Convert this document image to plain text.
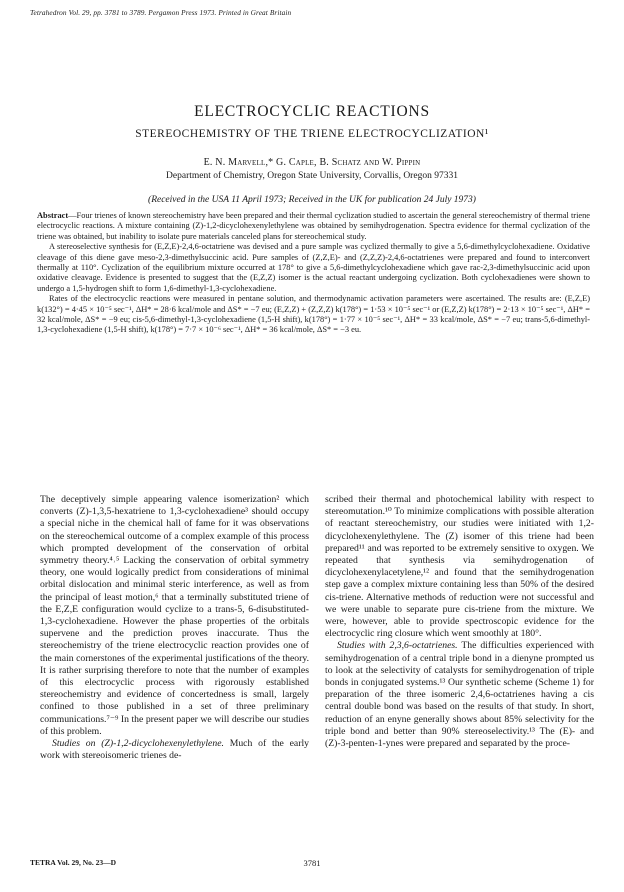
Tetrahedron Vol. 29, pp. 3781 to 3789. Pergamon Press 1973. Printed in Great Britain
ELECTROCYCLIC REACTIONS
STEREOCHEMISTRY OF THE TRIENE ELECTROCYCLIZATION¹
E. N. Marvell,* G. Caple, B. Schatz and W. Pippin
Department of Chemistry, Oregon State University, Corvallis, Oregon 97331
(Received in the USA 11 April 1973; Received in the UK for publication 24 July 1973)

Abstract—Four trienes of known stereochemistry have been prepared and their thermal cyclization studied to ascertain the general stereochemistry of thermal triene electrocyclic reactions. A mixture containing (Z)-1,2-dicyclohexenylethylene was obtained by semihydrogenation. Spectra evidence for thermal cyclization of the triene was obtained, but inability to isolate pure materials canceled plans for stereochemical study.

A stereoselective synthesis for (E,Z,E)-2,4,6-octatriene was devised and a pure sample was cyclized thermally to give a 5,6-dimethylcyclohexadiene. Oxidative cleavage of this diene gave meso-2,3-dimethylsuccinic acid. Pure samples of (Z,Z,E)- and (Z,Z,Z)-2,4,6-octatrienes were prepared and found to interconvert thermally at 110°. Cyclization of the equilibrium mixture occurred at 178° to give a 5,6-dimethylcyclohexadiene which gave rac-2,3-dimethylsuccinic acid upon oxidative cleavage. Evidence is presented to suggest that the (E,Z,Z) isomer is the actual reactant undergoing cyclization. Both cyclohexadienes were shown to undergo a 1,5-hydrogen shift to form 1,6-dimethyl-1,3-cyclohexadiene.

Rates of the electrocyclic reactions were measured in pentane solution, and thermodynamic activation parameters were ascertained. The results are: (E,Z,E) k(132°) = 4·45 × 10⁻⁵ sec⁻¹, ΔH* = 28·6 kcal/mole and ΔS* = −7 eu; (E,Z,Z) + (Z,Z,Z) k(178°) = 1·53 × 10⁻⁵ sec⁻¹ or (E,Z,Z) k(178°) = 2·13 × 10⁻⁵ sec⁻¹, ΔH* = 32 kcal/mole, ΔS* = −9 eu; cis-5,6-dimethyl-1,3-cyclohexadiene (1,5-H shift), k(178°) = 1·77 × 10⁻⁵ sec⁻¹, ΔH* = 33 kcal/mole, ΔS* = −7 eu; trans-5,6-dimethyl-1,3-cyclohexadiene (1,5-H shift), k(178°) = 7·7 × 10⁻⁶ sec⁻¹, ΔH* = 36 kcal/mole, ΔS* = −3 eu.

The deceptively simple appearing valence isomerization² which converts (Z)-1,3,5-hexatriene to 1,3-cyclohexadiene³ should occupy a special niche in the chemical hall of fame for it was observations on the stereochemical outcome of a complex example of this process which prompted development of the conservation of orbital symmetry theory.⁴˒⁵ Lacking the conservation of orbital symmetry theory, one would logically predict from considerations of minimal orbital dislocation and minimal steric interference, as well as from the principal of least motion,⁶ that a terminally substituted triene of the E,Z,E configuration would cyclize to a trans-5, 6-disubstituted-1,3-cyclohexadiene. However the phase properties of the orbitals supervene and the prediction proves inaccurate. Thus the stereochemistry of the triene electrocyclic reaction provides one of the main cornerstones of the experimental justifications of the theory. It is rather surprising therefore to note that the number of examples of this electrocyclic process with rigorously established stereochemistry and evidence of concertedness is small, largely confined to those published in a set of three preliminary communications.⁷⁻⁹ In the present paper we will describe our studies of this problem.

Studies on (Z)-1,2-dicyclohexenylethylene. Much of the early work with stereoisomeric trienes de-

scribed their thermal and photochemical lability with respect to stereomutation.¹⁰ To minimize complications with possible alteration of reactant stereochemistry, our studies were initiated with 1,2-dicyclohexenylethylene. The (Z) isomer of this triene had been prepared¹¹ and was reported to be extremely sensitive to oxygen. We repeated that synthesis via semihydrogenation of dicyclohexenylacetylene,¹² and found that the semihydrogenation step gave a complex mixture containing less than 50% of the desired cis-triene. Alternative methods of reduction were not successful and we were unable to separate pure cis-triene from the mixture. We were, however, able to provide spectroscopic evidence for the electrocyclic ring closure which went smoothly at 180°.

Studies with 2,3,6-octatrienes. The difficulties experienced with semihydrogenation of a central triple bond in a dienyne prompted us to look at the selectivity of catalysts for semihydrogenation of triple bonds in conjugated systems.¹³ Our synthetic scheme (Scheme 1) for preparation of the three isomeric 2,4,6-octatrienes having a cis central double bond was based on the results of that study. In short, reduction of an enyne generally shows about 85% selectivity for the triple bond and better than 90% stereoselectivity.¹³ The (E)- and (Z)-3-penten-1-ynes were prepared and separated by the proce-

TETRA Vol. 29, No. 23—D	3781
